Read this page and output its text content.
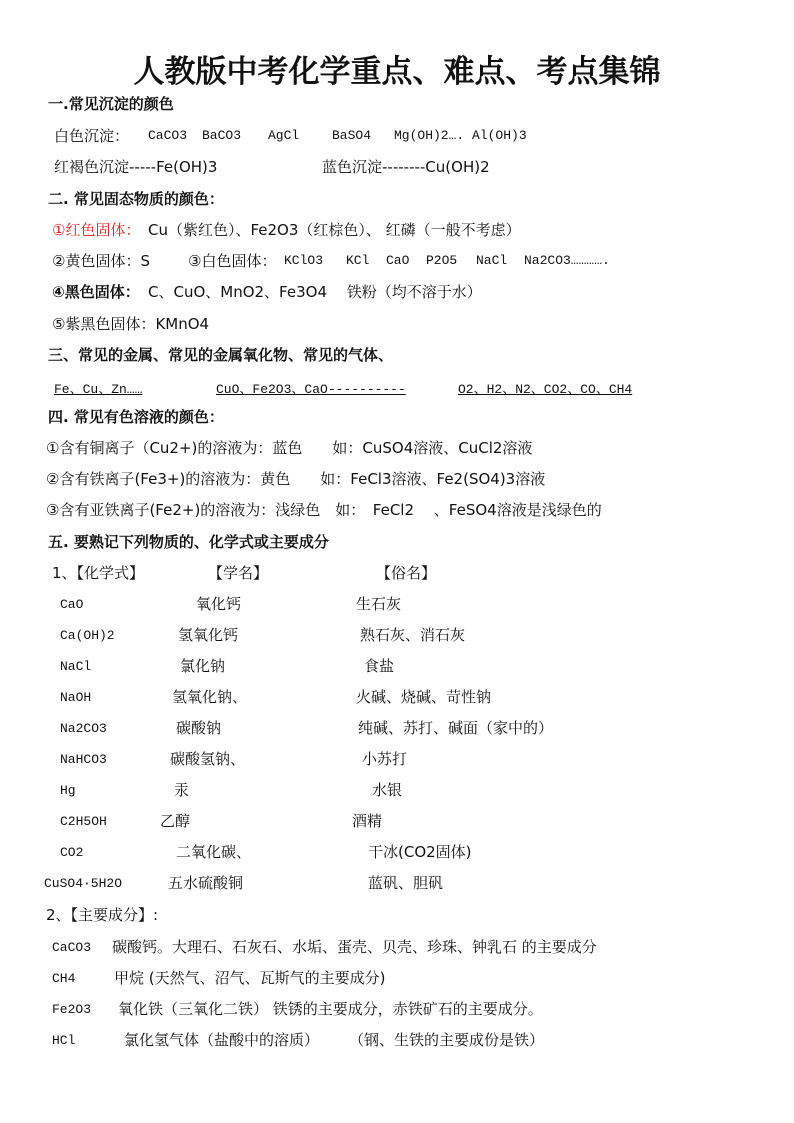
人教版中考化学重点、难点、考点集锦
一.常见沉淀的颜色
白色沉淀： CaCO3 BaCO3 AgCl	BaSO4 Mg(OH)2…. Al(OH)3
红褐色沉淀-----Fe(OH)3	蓝色沉淀--------Cu(OH)2
二. 常见固态物质的颜色：
①红色固体： Cu（紫红色）、Fe2O3（红棕色）、 红磷（一般不考虑）
②黄色固体：S	③白色固体： KClO3 KCl CaO P2O5 NaCl Na2CO3………….
④黑色固体： C、CuO、MnO2、Fe3O4　 铁粉（均不溶于水）
⑤紫黑色固体：KMnO4
三、常见的金属、常见的金属氧化物、常见的气体、
Fe、Cu、Zn……	CuO、Fe2O3、CaO----------	O2、H2、N2、CO2、CO、CH4
四. 常见有色溶液的颜色：
①含有铜离子（Cu2+)的溶液为：蓝色　　如：CuSO4溶液、CuCl2溶液
②含有铁离子(Fe3+)的溶液为：黄色　　如：FeCl3溶液、Fe2(SO4)3溶液
③含有亚铁离子(Fe2+)的溶液为：浅绿色　如：　FeCl2 　、FeSO4溶液是浅绿色的
五. 要熟记下列物质的、化学式或主要成分
1、【化学式】	【学名】	【俗名】
CaO	氧化钙	生石灰
Ca(OH)2	氢氧化钙	熟石灰、消石灰
NaCl	氯化钠	食盐
NaOH	氢氧化钠、	火碱、烧碱、苛性钠
Na2CO3	碳酸钠	纯碱、苏打、碱面（家中的）
NaHCO3	碳酸氢钠、	小苏打
Hg	汞	水银
C2H5OH	乙醇	酒精
CO2	二氧化碳、	干冰(CO2固体)
CuSO4·5H2O	五水硫酸铜	蓝矾、胆矾
2、【主要成分】:
CaCO3 碳酸钙。大理石、石灰石、水垢、蛋壳、贝壳、珍珠、钟乳石 的主要成分
CH4	甲烷 (天然气、沼气、瓦斯气的主要成分)
Fe2O3 氧化铁（三氧化二铁） 铁锈的主要成分，赤铁矿石的主要成分。
HCl	氯化氢气体（盐酸中的溶质）　　　（钢、生铁的主要成份是铁）
